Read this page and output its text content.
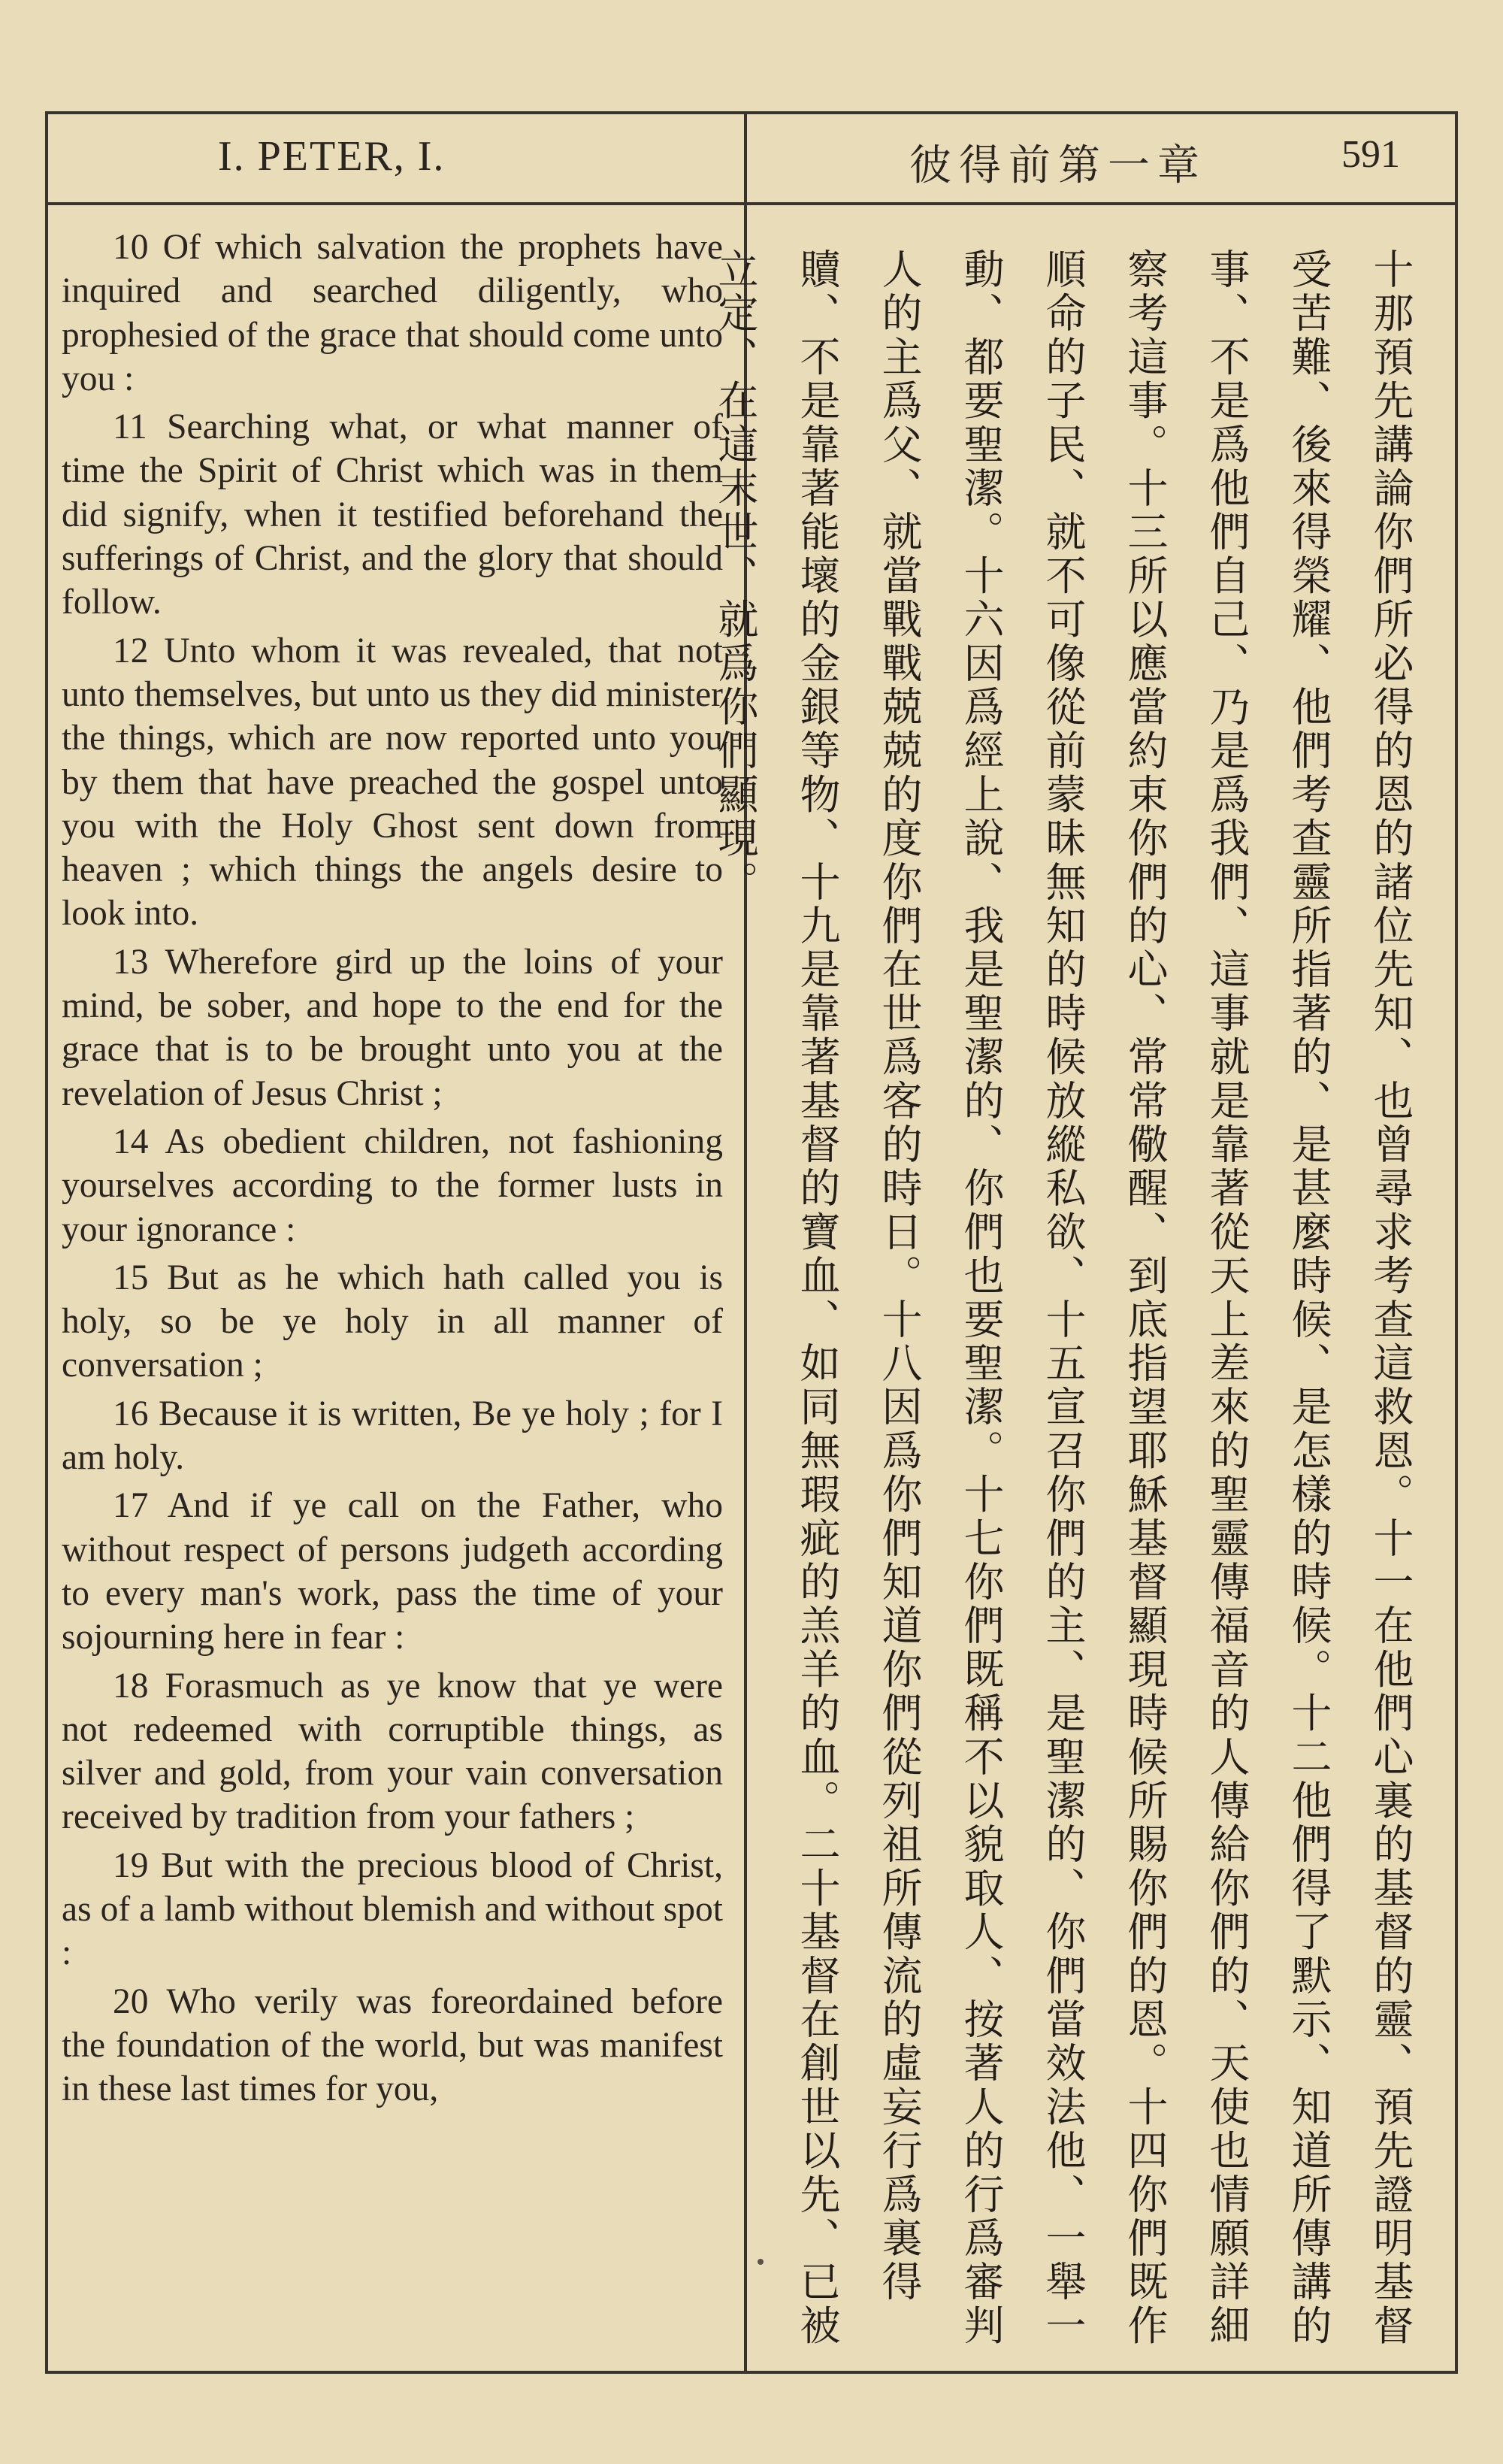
I. PETER, I.	彼得前第一章	591

10 Of which salvation the prophets have inquired and searched diligently, who prophesied of the grace that should come unto you :

11 Searching what, or what manner of time the Spirit of Christ which was in them did signify, when it testified beforehand the sufferings of Christ, and the glory that should follow.

12 Unto whom it was revealed, that not unto themselves, but unto us they did minister the things, which are now reported unto you by them that have preached the gospel unto you with the Holy Ghost sent down from heaven ; which things the angels desire to look into.

13 Wherefore gird up the loins of your mind, be sober, and hope to the end for the grace that is to be brought unto you at the revelation of Jesus Christ ;

14 As obedient children, not fashioning yourselves according to the former lusts in your ignorance :

15 But as he which hath called you is holy, so be ye holy in all manner of conversation ;

16 Because it is written, Be ye holy ; for I am holy.

17 And if ye call on the Father, who without respect of persons judgeth according to every man's work, pass the time of your sojourning here in fear :

18 Forasmuch as ye know that ye were not redeemed with corruptible things, as silver and gold, from your vain conversation received by tradition from your fathers ;

19 But with the precious blood of Christ, as of a lamb without blemish and without spot :

20 Who verily was foreordained before the foundation of the world, but was manifest in these last times for you,	十那預先講論你們所必得的恩的諸位先知、也曾尋求考查這救恩。十一在他們心裏的基督的靈、預先證明基督受苦難、後來得榮耀、他們考查靈所指著的、是甚麼時候、是怎樣的時候。十二他們得了默示、知道所傳講的事、不是爲他們自己、乃是爲我們、這事就是靠著從天上差來的聖靈傳福音的人傳給你們的、天使也情願詳細察考這事。十三所以應當約束你們的心、常常儆醒、到底指望耶穌基督顯現時候所賜你們的恩。十四你們既作順命的子民、就不可像從前蒙昧無知的時候放縱私欲、十五宣召你們的主、是聖潔的、你們當效法他、一舉一動、都要聖潔。十六因爲經上說、我是聖潔的、你們也要聖潔。十七你們既稱不以貌取人、按著人的行爲審判人的主爲父、就當戰戰兢兢的度你們在世爲客的時日。十八因爲你們知道你們從列祖所傳流的虛妄行爲裏得贖、不是靠著能壞的金銀等物、十九是靠著基督的寶血、如同無瑕疵的羔羊的血。二十基督在創世以先、已被立定、在這末世、就爲你們顯現。
